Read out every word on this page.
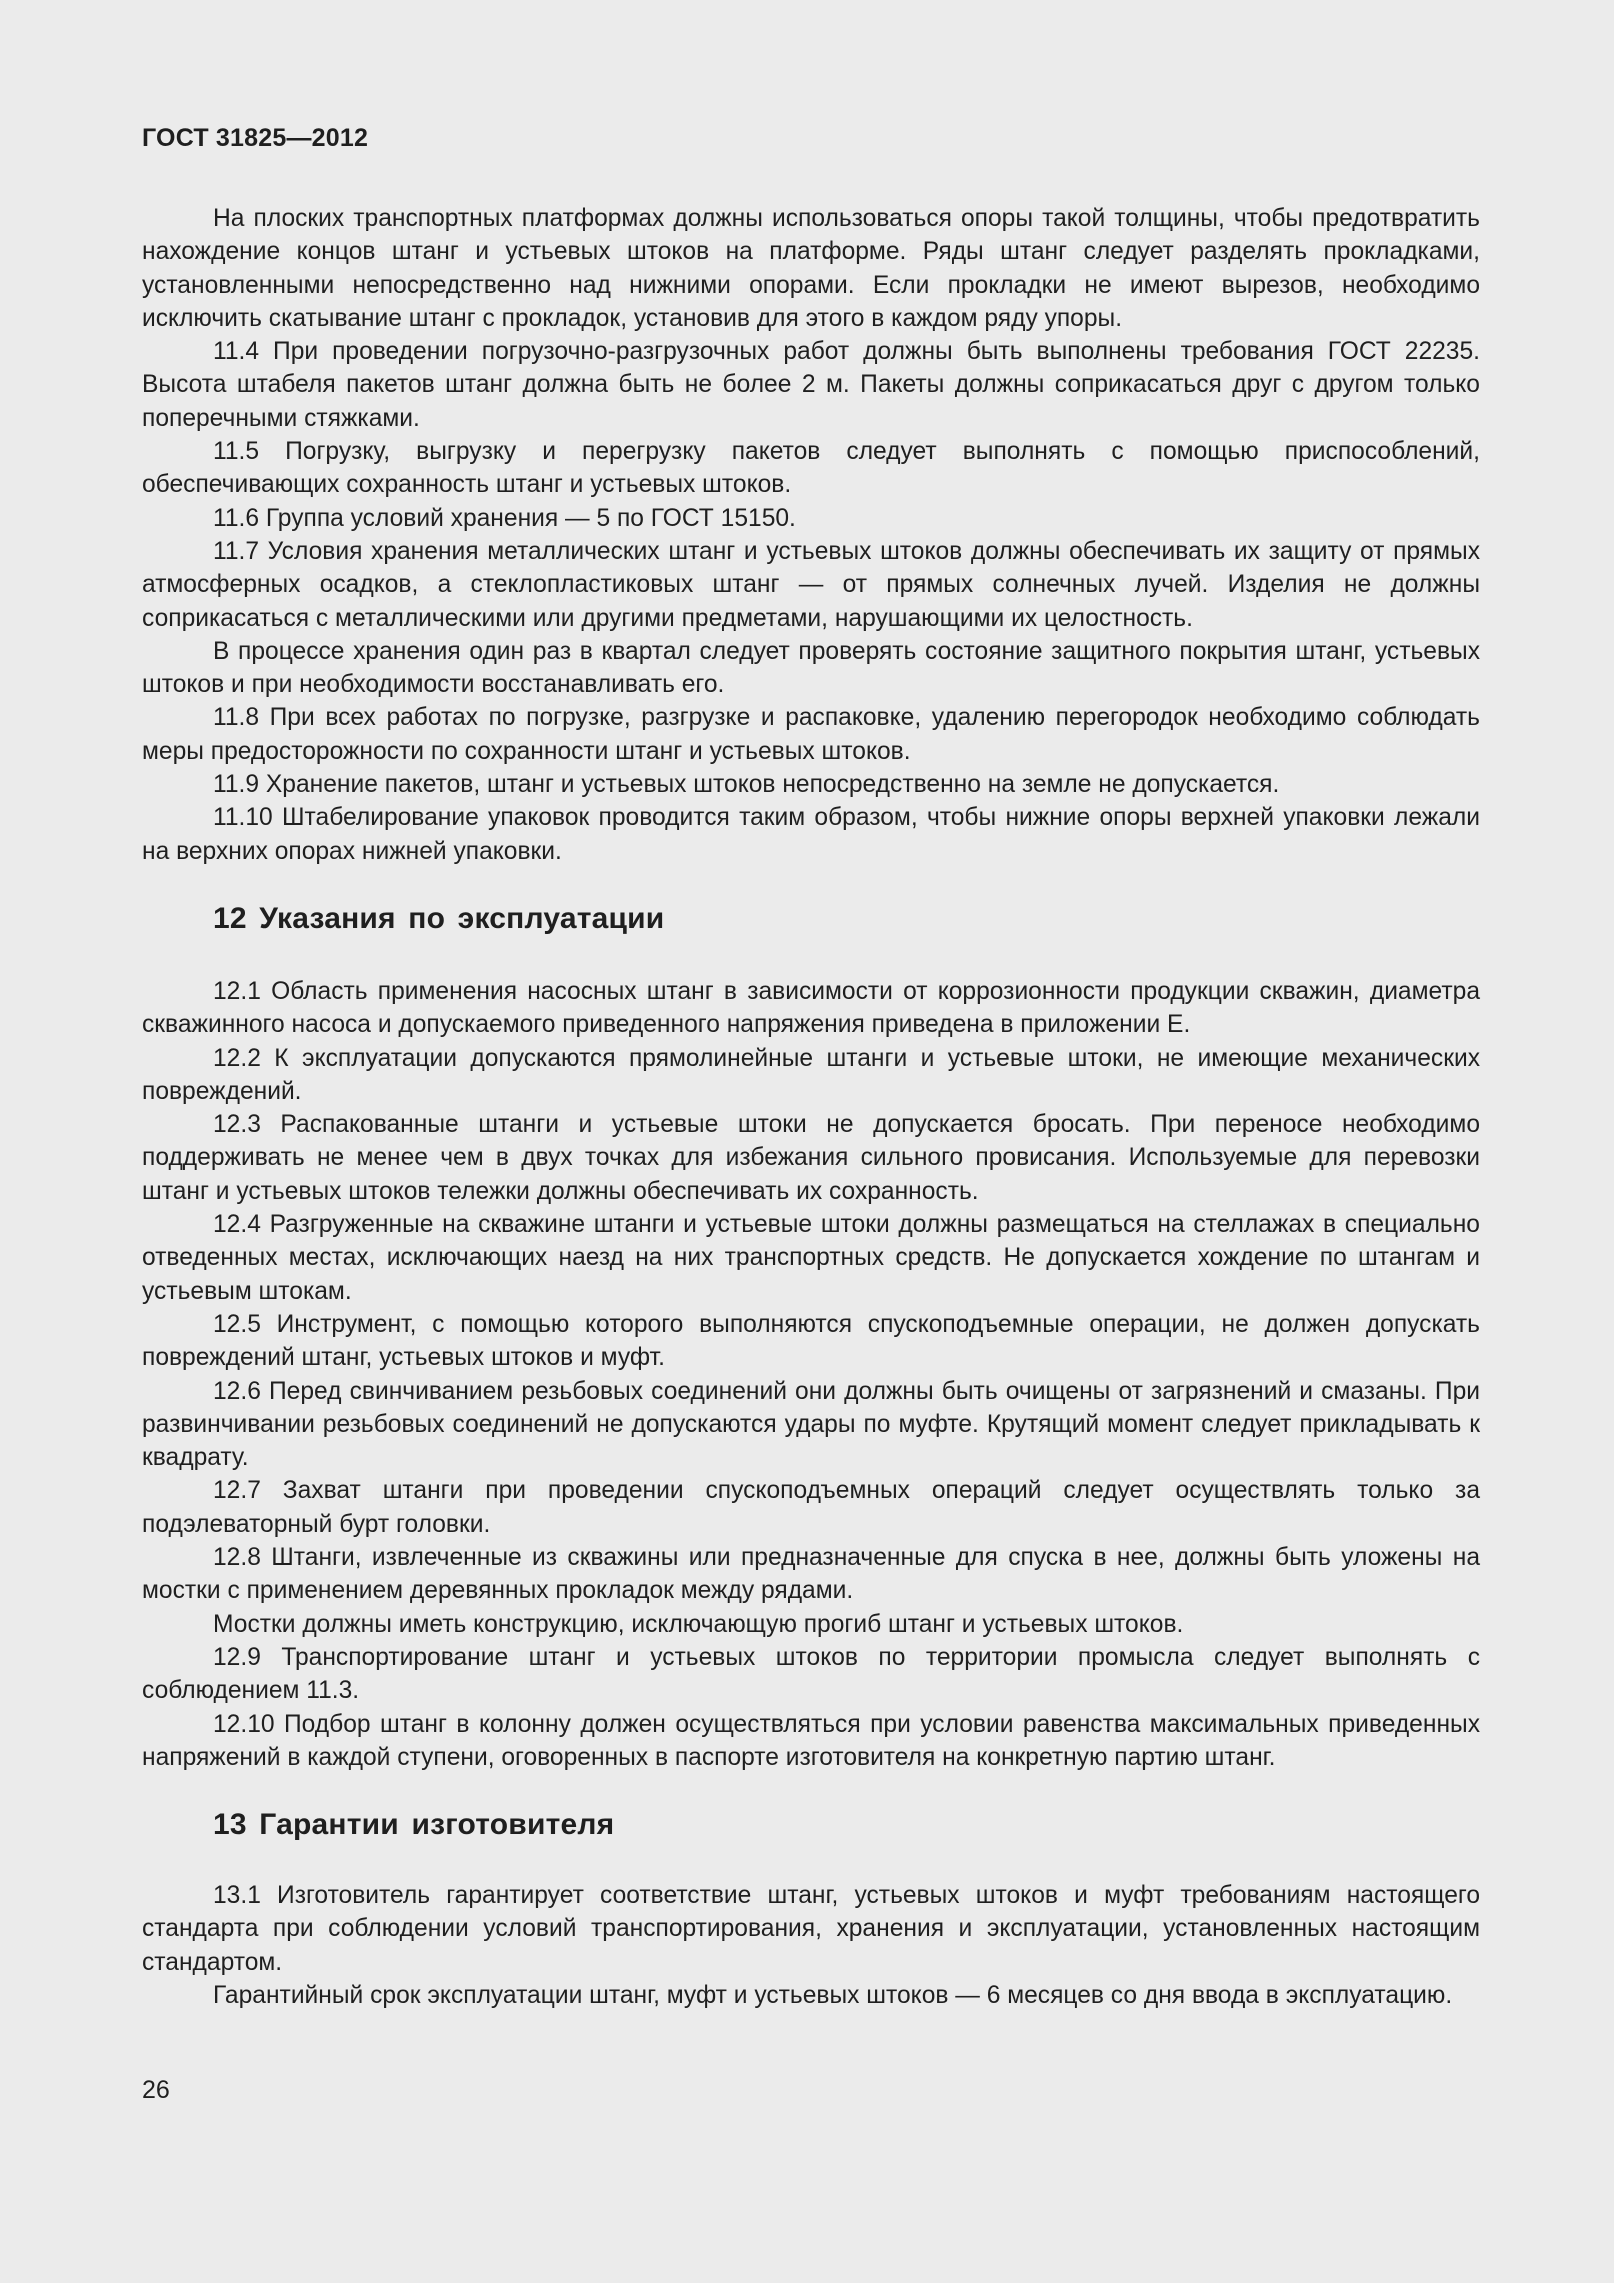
ГОСТ 31825—2012

На плоских транспортных платформах должны использоваться опоры такой толщины, чтобы предотвратить нахождение концов штанг и устьевых штоков на платформе. Ряды штанг следует разделять прокладками, установленными непосредственно над нижними опорами. Если прокладки не имеют вырезов, необходимо исключить скатывание штанг с прокладок, установив для этого в каждом ряду упоры.

11.4 При проведении погрузочно-разгрузочных работ должны быть выполнены требования ГОСТ 22235. Высота штабеля пакетов штанг должна быть не более 2 м. Пакеты должны соприкасаться друг с другом только поперечными стяжками.

11.5 Погрузку, выгрузку и перегрузку пакетов следует выполнять с помощью приспособлений, обеспечивающих сохранность штанг и устьевых штоков.

11.6 Группа условий хранения — 5 по ГОСТ 15150.

11.7 Условия хранения металлических штанг и устьевых штоков должны обеспечивать их защиту от прямых атмосферных осадков, а стеклопластиковых штанг — от прямых солнечных лучей. Изделия не должны соприкасаться с металлическими или другими предметами, нарушающими их целостность.

В процессе хранения один раз в квартал следует проверять состояние защитного покрытия штанг, устьевых штоков и при необходимости восстанавливать его.

11.8 При всех работах по погрузке, разгрузке и распаковке, удалению перегородок необходимо соблюдать меры предосторожности по сохранности штанг и устьевых штоков.

11.9 Хранение пакетов, штанг и устьевых штоков непосредственно на земле не допускается.

11.10 Штабелирование упаковок проводится таким образом, чтобы нижние опоры верхней упаковки лежали на верхних опорах нижней упаковки.

12 Указания по эксплуатации

12.1 Область применения насосных штанг в зависимости от коррозионности продукции скважин, диаметра скважинного насоса и допускаемого приведенного напряжения приведена в приложении Е.

12.2 К эксплуатации допускаются прямолинейные штанги и устьевые штоки, не имеющие механических повреждений.

12.3 Распакованные штанги и устьевые штоки не допускается бросать. При переносе необходимо поддерживать не менее чем в двух точках для избежания сильного провисания. Используемые для перевозки штанг и устьевых штоков тележки должны обеспечивать их сохранность.

12.4 Разгруженные на скважине штанги и устьевые штоки должны размещаться на стеллажах в специально отведенных местах, исключающих наезд на них транспортных средств. Не допускается хождение по штангам и устьевым штокам.

12.5 Инструмент, с помощью которого выполняются спускоподъемные операции, не должен допускать повреждений штанг, устьевых штоков и муфт.

12.6 Перед свинчиванием резьбовых соединений они должны быть очищены от загрязнений и смазаны. При развинчивании резьбовых соединений не допускаются удары по муфте. Крутящий момент следует прикладывать к квадрату.

12.7 Захват штанги при проведении спускоподъемных операций следует осуществлять только за подэлеваторный бурт головки.

12.8 Штанги, извлеченные из скважины или предназначенные для спуска в нее, должны быть уложены на мостки с применением деревянных прокладок между рядами.

Мостки должны иметь конструкцию, исключающую прогиб штанг и устьевых штоков.

12.9 Транспортирование штанг и устьевых штоков по территории промысла следует выполнять с соблюдением 11.3.

12.10 Подбор штанг в колонну должен осуществляться при условии равенства максимальных приведенных напряжений в каждой ступени, оговоренных в паспорте изготовителя на конкретную партию штанг.

13 Гарантии изготовителя

13.1 Изготовитель гарантирует соответствие штанг, устьевых штоков и муфт требованиям настоящего стандарта при соблюдении условий транспортирования, хранения и эксплуатации, установленных настоящим стандартом.

Гарантийный срок эксплуатации штанг, муфт и устьевых штоков — 6 месяцев со дня ввода в эксплуатацию.

26
